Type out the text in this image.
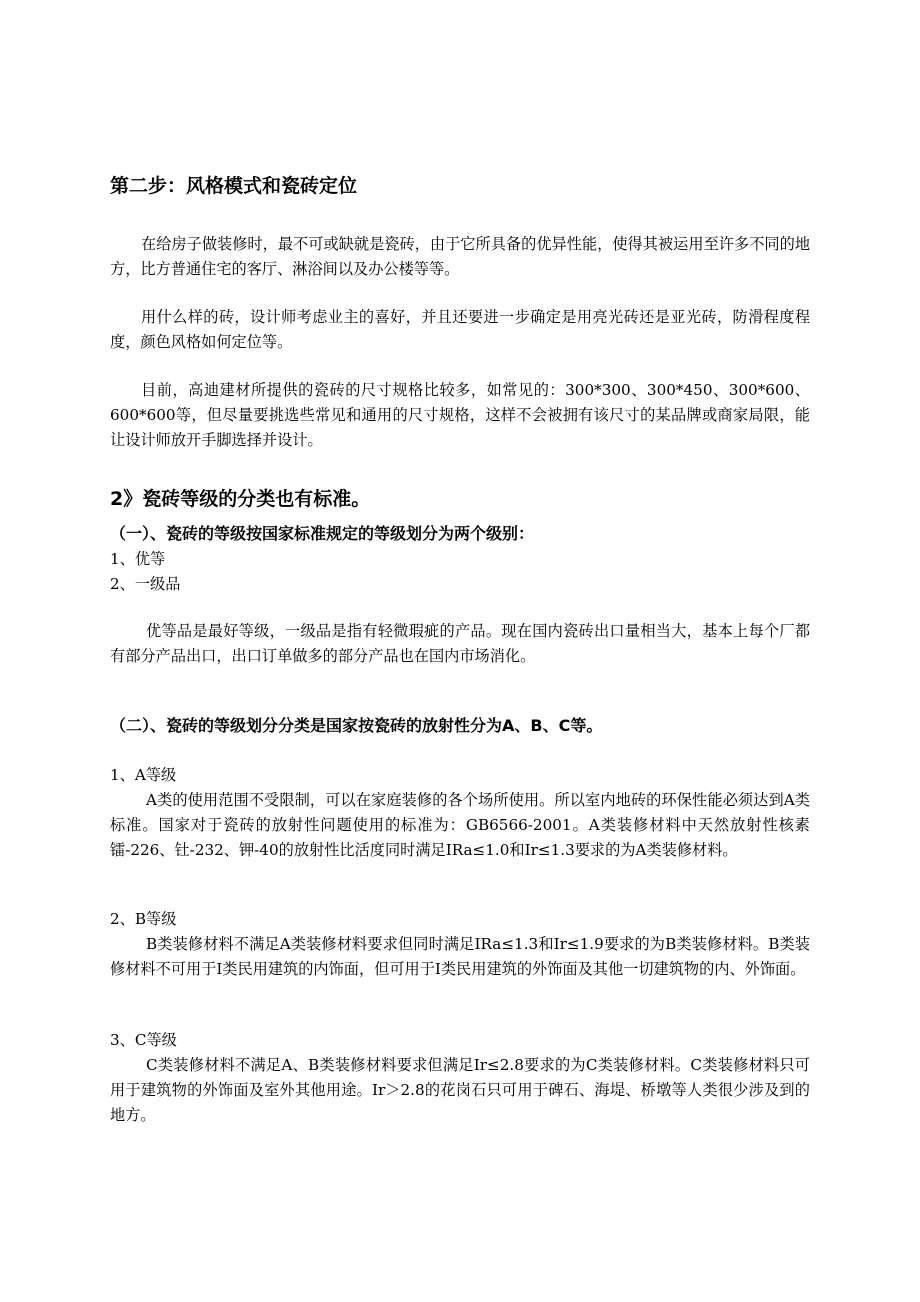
第二步：风格模式和瓷砖定位

在给房子做装修时，最不可或缺就是瓷砖，由于它所具备的优异性能，使得其被运用至许多不同的地方，比方普通住宅的客厅、淋浴间以及办公楼等等。

用什么样的砖，设计师考虑业主的喜好，并且还要进一步确定是用亮光砖还是亚光砖，防滑程度程度，颜色风格如何定位等。

目前，高迪建材所提供的瓷砖的尺寸规格比较多，如常见的：300*300、300*450、300*600、600*600等，但尽量要挑选些常见和通用的尺寸规格，这样不会被拥有该尺寸的某品牌或商家局限，能让设计师放开手脚选择并设计。

2》瓷砖等级的分类也有标准。
（一）、瓷砖的等级按国家标准规定的等级划分为两个级别：
1、优等
2、一级品

优等品是最好等级，一级品是指有轻微瑕疵的产品。现在国内瓷砖出口量相当大，基本上每个厂都有部分产品出口，出口订单做多的部分产品也在国内市场消化。

（二）、瓷砖的等级划分分类是国家按瓷砖的放射性分为A、B、C等。
1、A等级

A类的使用范围不受限制，可以在家庭装修的各个场所使用。所以室内地砖的环保性能必须达到A类标准。国家对于瓷砖的放射性问题使用的标准为：GB6566-2001。A类装修材料中天然放射性核素镭-226、钍-232、钾-40的放射性比活度同时满足IRa≤1.0和Ir≤1.3要求的为A类装修材料。

2、B等级

B类装修材料不满足A类装修材料要求但同时满足IRa≤1.3和Ir≤1.9要求的为B类装修材料。B类装修材料不可用于I类民用建筑的内饰面，但可用于I类民用建筑的外饰面及其他一切建筑物的内、外饰面。

3、C等级

C类装修材料不满足A、B类装修材料要求但满足Ir≤2.8要求的为C类装修材料。C类装修材料只可用于建筑物的外饰面及室外其他用途。Ir＞2.8的花岗石只可用于碑石、海堤、桥墩等人类很少涉及到的地方。
